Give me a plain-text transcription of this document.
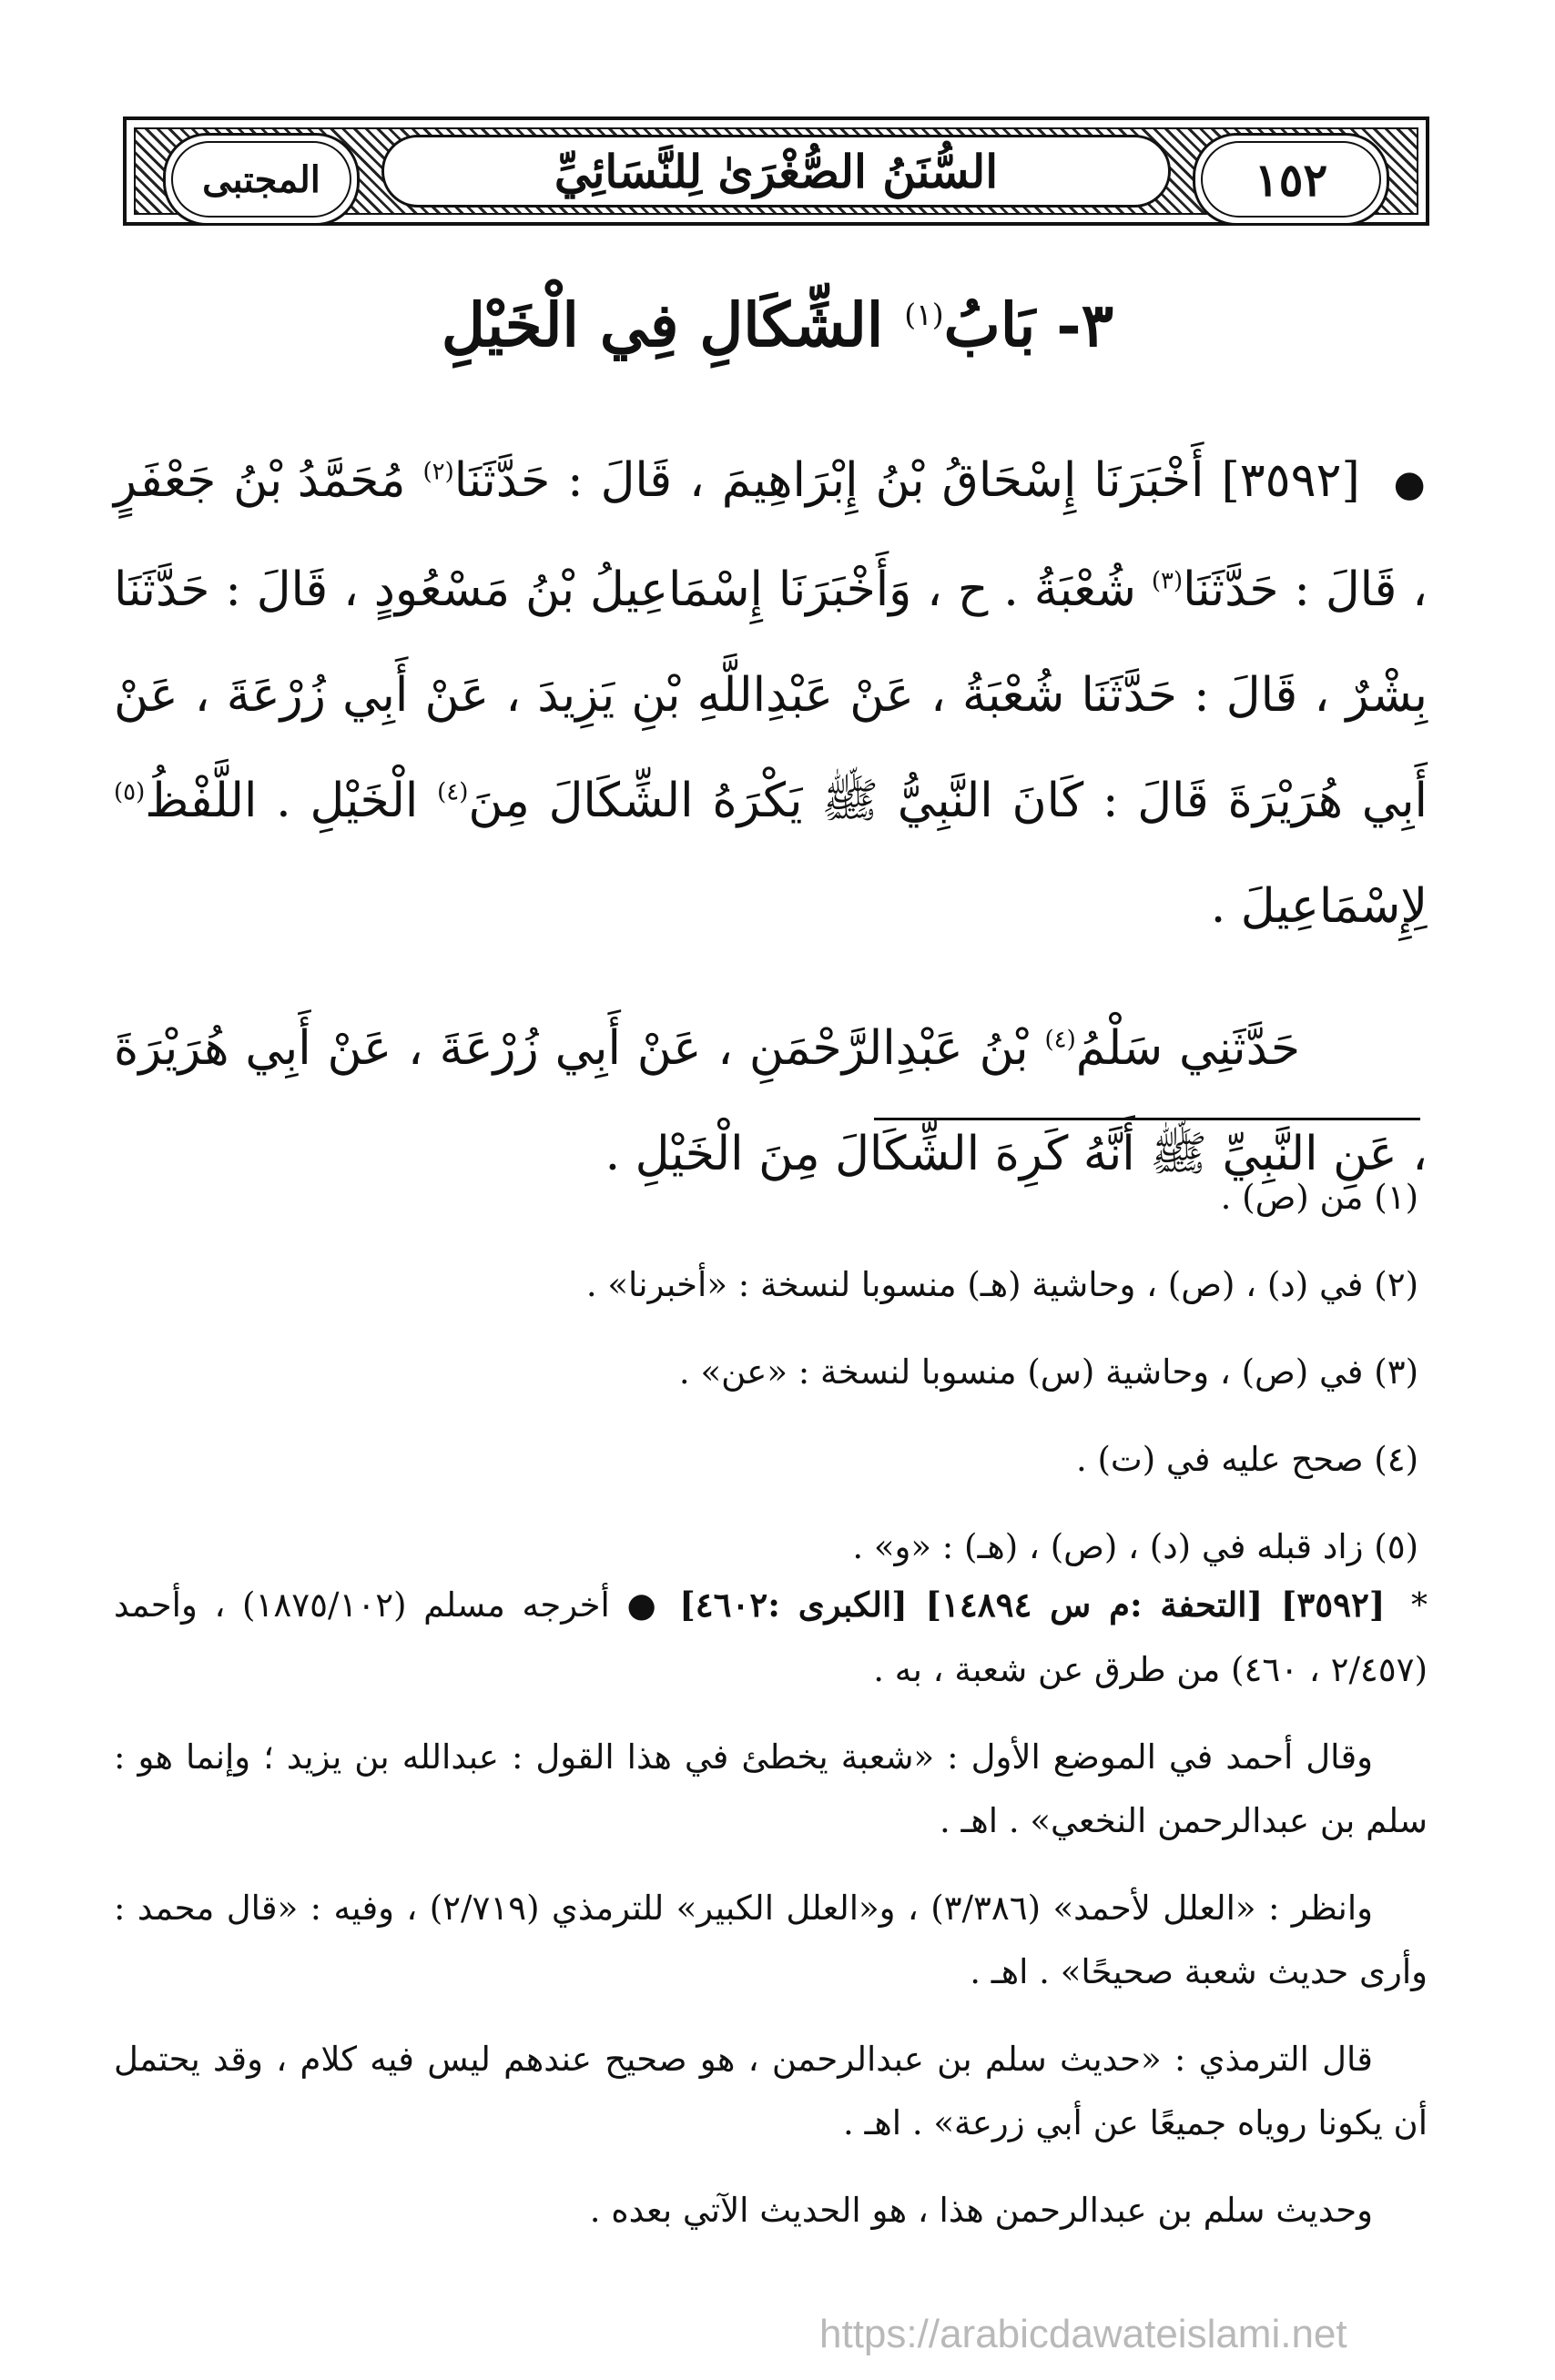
١٥٢
السُّنَنُ الصُّغْرَىٰ لِلنَّسَائِيِّ
المجتبى
٣- بَابُ$^{(١)}$ الشِّكَالِ فِي الْخَيْلِ

● [٣٥٩٢] أَخْبَرَنَا إِسْحَاقُ بْنُ إِبْرَاهِيمَ ، قَالَ : حَدَّثَنَا$^{(٢)}$ مُحَمَّدُ بْنُ جَعْفَرٍ ، قَالَ : حَدَّثَنَا$^{(٣)}$ شُعْبَةُ . ح ، وَأَخْبَرَنَا إِسْمَاعِيلُ بْنُ مَسْعُودٍ ، قَالَ : حَدَّثَنَا بِشْرٌ ، قَالَ : حَدَّثَنَا شُعْبَةُ ، عَنْ عَبْدِاللَّهِ بْنِ يَزِيدَ ، عَنْ أَبِي زُرْعَةَ ، عَنْ أَبِي هُرَيْرَةَ قَالَ : كَانَ النَّبِيُّ ﷺ يَكْرَهُ الشِّكَالَ مِنَ$^{(٤)}$ الْخَيْلِ . اللَّفْظُ$^{(٥)}$ لِإِسْمَاعِيلَ .

حَدَّثَنِي سَلْمُ$^{(٤)}$ بْنُ عَبْدِالرَّحْمَنِ ، عَنْ أَبِي زُرْعَةَ ، عَنْ أَبِي هُرَيْرَةَ ، عَنِ النَّبِيِّ ﷺ أَنَّهُ كَرِهَ الشِّكَالَ مِنَ الْخَيْلِ .

(١) من (ص) .
(٢) في (د) ، (ص) ، وحاشية (هـ) منسوبا لنسخة : «أخبرنا» .
(٣) في (ص) ، وحاشية (س) منسوبا لنسخة : «عن» .
(٤) صحح عليه في (ت) .
(٥) زاد قبله في (د) ، (ص) ، (هـ) : «و» .

* [٣٥٩٢] [التحفة :م س ١٤٨٩٤] [الكبرى :٤٦٠٢] ● أخرجه مسلم (١٨٧٥/١٠٢) ، وأحمد (٢/٤٥٧ ، ٤٦٠) من طرق عن شعبة ، به .

وقال أحمد في الموضع الأول : «شعبة يخطئ في هذا القول : عبدالله بن يزيد ؛ وإنما هو : سلم بن عبدالرحمن النخعي» . اهـ .

وانظر : «العلل لأحمد» (٣/٣٨٦) ، و«العلل الكبير» للترمذي (٢/٧١٩) ، وفيه : «قال محمد : وأرى حديث شعبة صحيحًا» . اهـ .

قال الترمذي : «حديث سلم بن عبدالرحمن ، هو صحيح عندهم ليس فيه كلام ، وقد يحتمل أن يكونا روياه جميعًا عن أبي زرعة» . اهـ .

وحديث سلم بن عبدالرحمن هذا ، هو الحديث الآتي بعده .

https://arabicdawateislami.net
